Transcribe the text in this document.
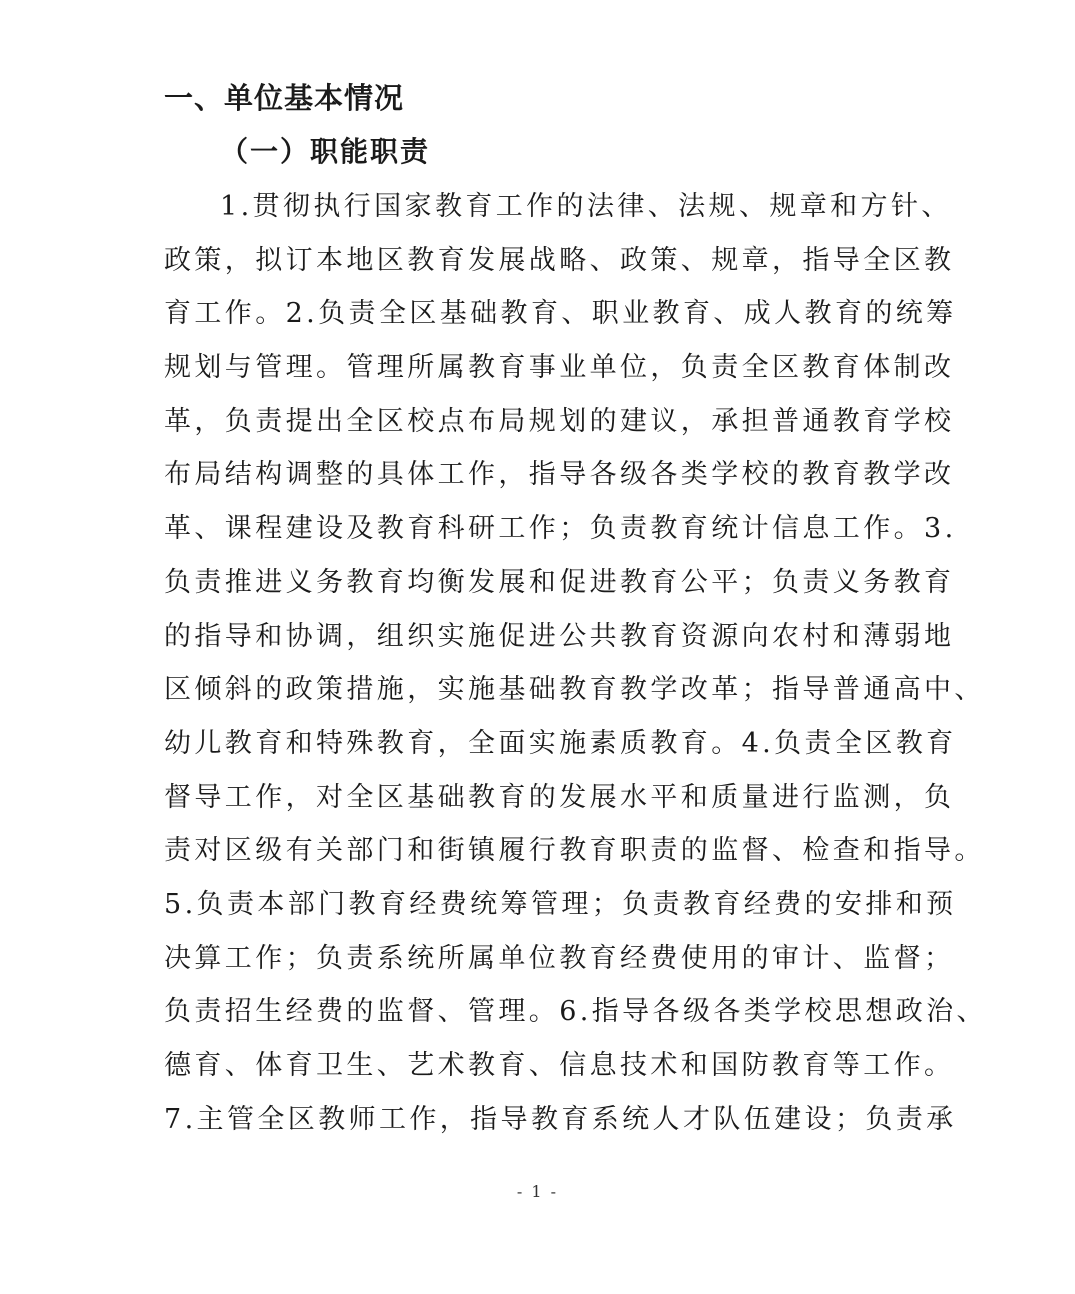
一、单位基本情况
（一）职能职责
1.贯彻执行国家教育工作的法律、法规、规章和方针、
政策，拟订本地区教育发展战略、政策、规章，指导全区教
育工作。2.负责全区基础教育、职业教育、成人教育的统筹
规划与管理。管理所属教育事业单位，负责全区教育体制改
革，负责提出全区校点布局规划的建议，承担普通教育学校
布局结构调整的具体工作，指导各级各类学校的教育教学改
革、课程建设及教育科研工作；负责教育统计信息工作。3.
负责推进义务教育均衡发展和促进教育公平；负责义务教育
的指导和协调，组织实施促进公共教育资源向农村和薄弱地
区倾斜的政策措施，实施基础教育教学改革；指导普通高中、
幼儿教育和特殊教育，全面实施素质教育。4.负责全区教育
督导工作，对全区基础教育的发展水平和质量进行监测，负
责对区级有关部门和街镇履行教育职责的监督、检查和指导。
5.负责本部门教育经费统筹管理；负责教育经费的安排和预
决算工作；负责系统所属单位教育经费使用的审计、监督；
负责招生经费的监督、管理。6.指导各级各类学校思想政治、
德育、体育卫生、艺术教育、信息技术和国防教育等工作。
7.主管全区教师工作，指导教育系统人才队伍建设；负责承
- 1 -
